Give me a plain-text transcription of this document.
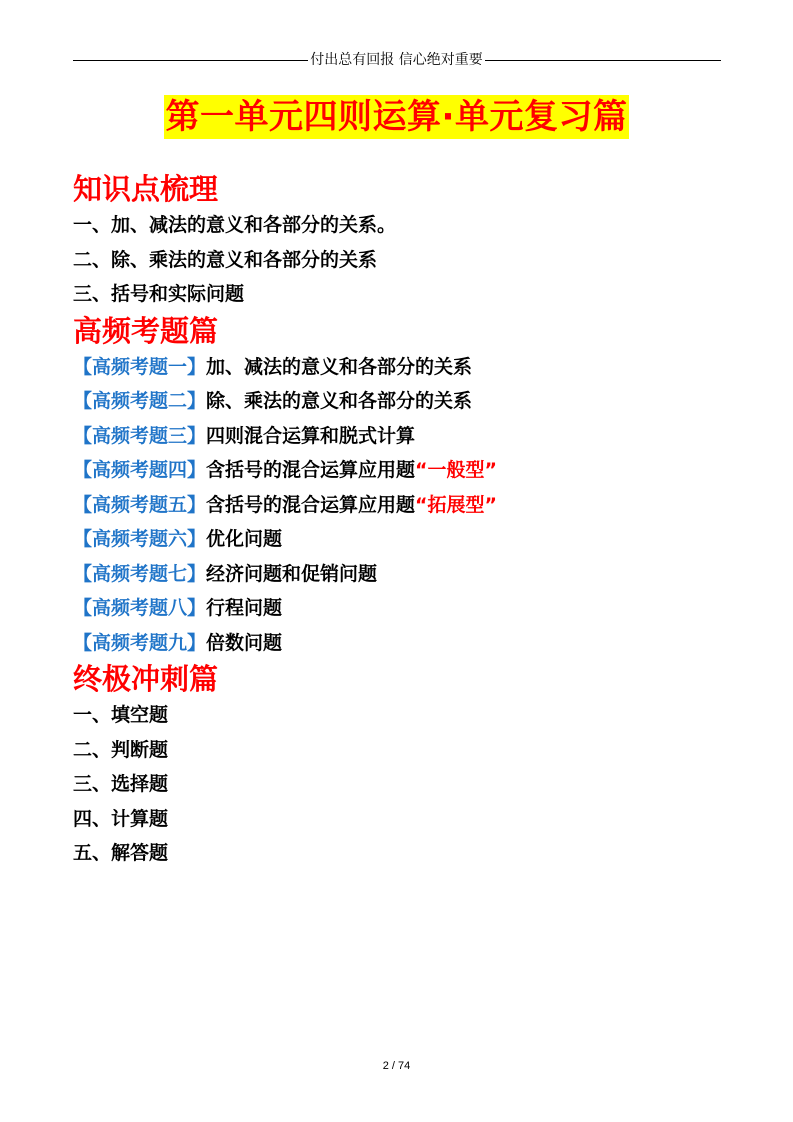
付出总有回报 信心绝对重要
第一单元四则运算·单元复习篇
知识点梳理
一、加、减法的意义和各部分的关系。
二、除、乘法的意义和各部分的关系
三、括号和实际问题
高频考题篇
【高频考题一】加、减法的意义和各部分的关系
【高频考题二】除、乘法的意义和各部分的关系
【高频考题三】四则混合运算和脱式计算
【高频考题四】含括号的混合运算应用题“一般型”
【高频考题五】含括号的混合运算应用题“拓展型”
【高频考题六】优化问题
【高频考题七】经济问题和促销问题
【高频考题八】行程问题
【高频考题九】倍数问题
终极冲刺篇
一、填空题
二、判断题
三、选择题
四、计算题
五、解答题
2 / 74
